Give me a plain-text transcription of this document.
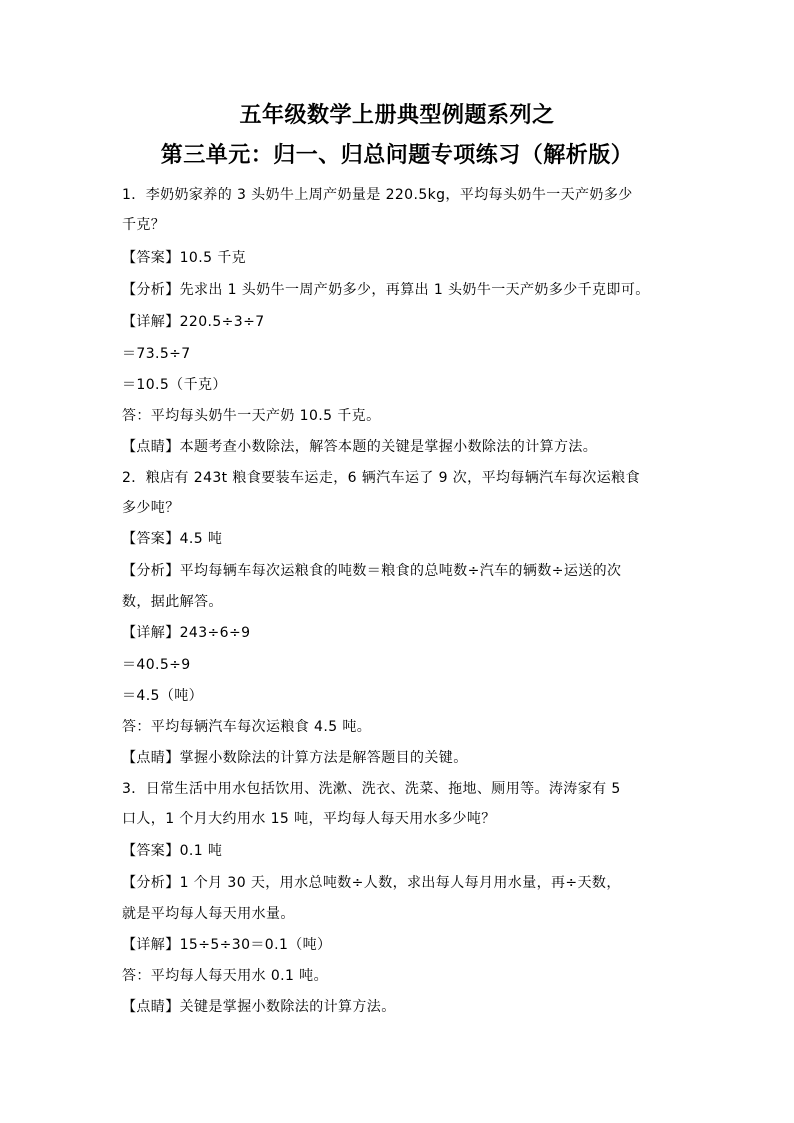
五年级数学上册典型例题系列之
第三单元：归一、归总问题专项练习（解析版）
1．李奶奶家养的 3 头奶牛上周产奶量是 220.5kg，平均每头奶牛一天产奶多少
千克？
【答案】10.5 千克
【分析】先求出 1 头奶牛一周产奶多少，再算出 1 头奶牛一天产奶多少千克即可。
【详解】220.5÷3÷7
＝73.5÷7
＝10.5（千克）
答：平均每头奶牛一天产奶 10.5 千克。
【点睛】本题考查小数除法，解答本题的关键是掌握小数除法的计算方法。
2．粮店有 243t 粮食要装车运走，6 辆汽车运了 9 次，平均每辆汽车每次运粮食
多少吨？
【答案】4.5 吨
【分析】平均每辆车每次运粮食的吨数＝粮食的总吨数÷汽车的辆数÷运送的次
数，据此解答。
【详解】243÷6÷9
＝40.5÷9
＝4.5（吨）
答：平均每辆汽车每次运粮食 4.5 吨。
【点睛】掌握小数除法的计算方法是解答题目的关键。
3．日常生活中用水包括饮用、洗漱、洗衣、洗菜、拖地、厕用等。涛涛家有 5
口人，1 个月大约用水 15 吨，平均每人每天用水多少吨？
【答案】0.1 吨
【分析】1 个月 30 天，用水总吨数÷人数，求出每人每月用水量，再÷天数，
就是平均每人每天用水量。
【详解】15÷5÷30＝0.1（吨）
答：平均每人每天用水 0.1 吨。
【点睛】关键是掌握小数除法的计算方法。
